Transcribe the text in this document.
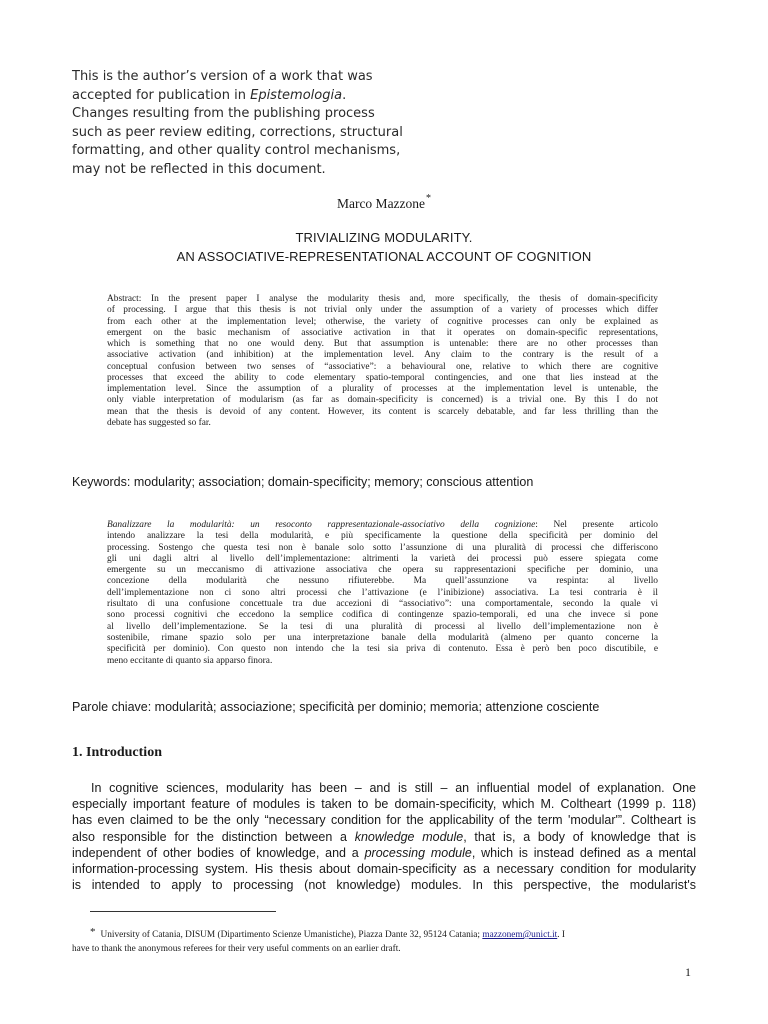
This is the author’s version of a work that was
accepted for publication in Epistemologia.
Changes resulting from the publishing process
such as peer review editing, corrections, structural
formatting, and other quality control mechanisms,
may not be reflected in this document.
Marco Mazzone*
TRIVIALIZING MODULARITY.
AN ASSOCIATIVE-REPRESENTATIONAL ACCOUNT OF COGNITION
Abstract: In the present paper I analyse the modularity thesis and, more specifically, the thesis of domain-specificity
of processing. I argue that this thesis is not trivial only under the assumption of a variety of processes which differ
from each other at the implementation level; otherwise, the variety of cognitive processes can only be explained as
emergent on the basic mechanism of associative activation in that it operates on domain-specific representations,
which is something that no one would deny. But that assumption is untenable: there are no other processes than
associative activation (and inhibition) at the implementation level. Any claim to the contrary is the result of a
conceptual confusion between two senses of “associative”: a behavioural one, relative to which there are cognitive
processes that exceed the ability to code elementary spatio-temporal contingencies, and one that lies instead at the
implementation level. Since the assumption of a plurality of processes at the implementation level is untenable, the
only viable interpretation of modularism (as far as domain-specificity is concerned) is a trivial one. By this I do not
mean that the thesis is devoid of any content. However, its content is scarcely debatable, and far less thrilling than the
debate has suggested so far.
Keywords: modularity; association; domain-specificity; memory; conscious attention
Banalizzare la modularità: un resoconto rappresentazionale-associativo della cognizione: Nel presente articolo
intendo analizzare la tesi della modularità, e più specificamente la questione della specificità per dominio del
processing. Sostengo che questa tesi non è banale solo sotto l’assunzione di una pluralità di processi che differiscono
gli uni dagli altri al livello dell’implementazione: altrimenti la varietà dei processi può essere spiegata come
emergente su un meccanismo di attivazione associativa che opera su rappresentazioni specifiche per dominio, una
concezione della modularità che nessuno rifiuterebbe. Ma quell’assunzione va respinta: al livello
dell’implementazione non ci sono altri processi che l’attivazione (e l’inibizione) associativa. La tesi contraria è il
risultato di una confusione concettuale tra due accezioni di “associativo”: una comportamentale, secondo la quale vi
sono processi cognitivi che eccedono la semplice codifica di contingenze spazio-temporali, ed una che invece si pone
al livello dell’implementazione. Se la tesi di una pluralità di processi al livello dell’implementazione non è
sostenibile, rimane spazio solo per una interpretazione banale della modularità (almeno per quanto concerne la
specificità per dominio). Con questo non intendo che la tesi sia priva di contenuto. Essa è però ben poco discutibile, e
meno eccitante di quanto sia apparso finora.
Parole chiave: modularità; associazione; specificità per dominio; memoria; attenzione cosciente
1. Introduction
In cognitive sciences, modularity has been – and is still – an influential model of explanation. One
especially important feature of modules is taken to be domain-specificity, which M. Coltheart (1999 p. 118)
has even claimed to be the only “necessary condition for the applicability of the term 'modular'”. Coltheart is
also responsible for the distinction between a knowledge module, that is, a body of knowledge that is
independent of other bodies of knowledge, and a processing module, which is instead defined as a mental
information-processing system. His thesis about domain-specificity as a necessary condition for modularity
is intended to apply to processing (not knowledge) modules. In this perspective, the modularist's
* University of Catania, DISUM (Dipartimento Scienze Umanistiche), Piazza Dante 32, 95124 Catania; mazzonem@unict.it. I
have to thank the anonymous referees for their very useful comments on an earlier draft.
1
